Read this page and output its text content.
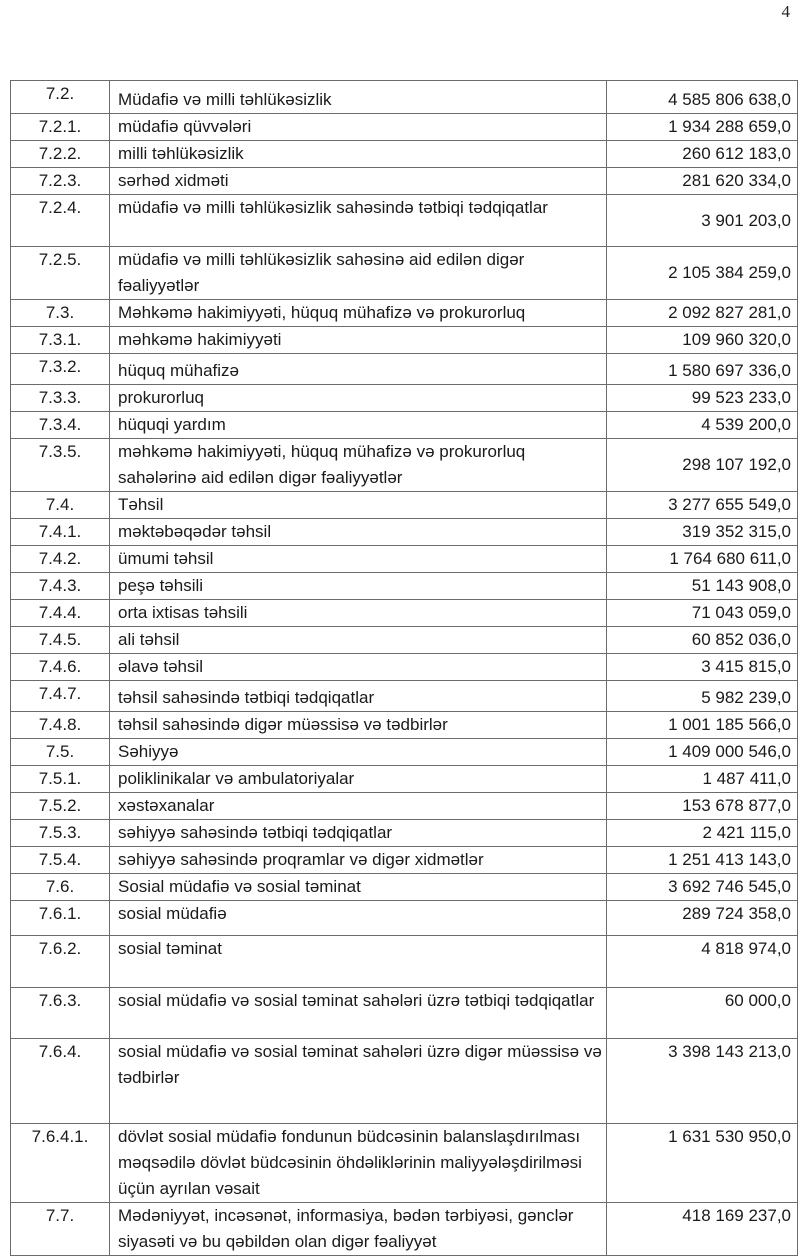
4
7.2.	Müdafiə və milli təhlükəsizlik	4 585 806 638,0
7.2.1.	müdafiə qüvvələri	1 934 288 659,0
7.2.2.	milli təhlükəsizlik	260 612 183,0
7.2.3.	sərhəd xidməti	281 620 334,0
7.2.4.	müdafiə və milli təhlükəsizlik sahəsində tətbiqi tədqiqatlar	3 901 203,0
7.2.5.	müdafiə və milli təhlükəsizlik sahəsinə aid edilən digər fəaliyyətlər	2 105 384 259,0
7.3.	Məhkəmə hakimiyyəti, hüquq mühafizə və prokurorluq	2 092 827 281,0
7.3.1.	məhkəmə hakimiyyəti	109 960 320,0
7.3.2.	hüquq mühafizə	1 580 697 336,0
7.3.3.	prokurorluq	99 523 233,0
7.3.4.	hüquqi yardım	4 539 200,0
7.3.5.	məhkəmə hakimiyyəti, hüquq mühafizə və prokurorluq sahələrinə aid edilən digər fəaliyyətlər	298 107 192,0
7.4.	Təhsil	3 277 655 549,0
7.4.1.	məktəbəqədər təhsil	319 352 315,0
7.4.2.	ümumi təhsil	1 764 680 611,0
7.4.3.	peşə təhsili	51 143 908,0
7.4.4.	orta ixtisas təhsili	71 043 059,0
7.4.5.	ali təhsil	60 852 036,0
7.4.6.	əlavə təhsil	3 415 815,0
7.4.7.	təhsil sahəsində tətbiqi tədqiqatlar	5 982 239,0
7.4.8.	təhsil sahəsində digər müəssisə və tədbirlər	1 001 185 566,0
7.5.	Səhiyyə	1 409 000 546,0
7.5.1.	poliklinikalar və ambulatoriyalar	1 487 411,0
7.5.2.	xəstəxanalar	153 678 877,0
7.5.3.	səhiyyə sahəsində tətbiqi tədqiqatlar	2 421 115,0
7.5.4.	səhiyyə sahəsində proqramlar və digər xidmətlər	1 251 413 143,0
7.6.	Sosial müdafiə və sosial təminat	3 692 746 545,0
7.6.1.	sosial müdafiə	289 724 358,0
7.6.2.	sosial təminat	4 818 974,0
7.6.3.	sosial müdafiə və sosial təminat sahələri üzrə tətbiqi tədqiqatlar	60 000,0
7.6.4.	sosial müdafiə və sosial təminat sahələri üzrə digər müəssisə və tədbirlər	3 398 143 213,0
7.6.4.1.	dövlət sosial müdafiə fondunun büdcəsinin balanslaşdırılması məqsədilə dövlət büdcəsinin öhdəliklərinin maliyyələşdirilməsi üçün ayrılan vəsait	1 631 530 950,0
7.7.	Mədəniyyət, incəsənət, informasiya, bədən tərbiyəsi, gənclər siyasəti və bu qəbildən olan digər fəaliyyət	418 169 237,0
